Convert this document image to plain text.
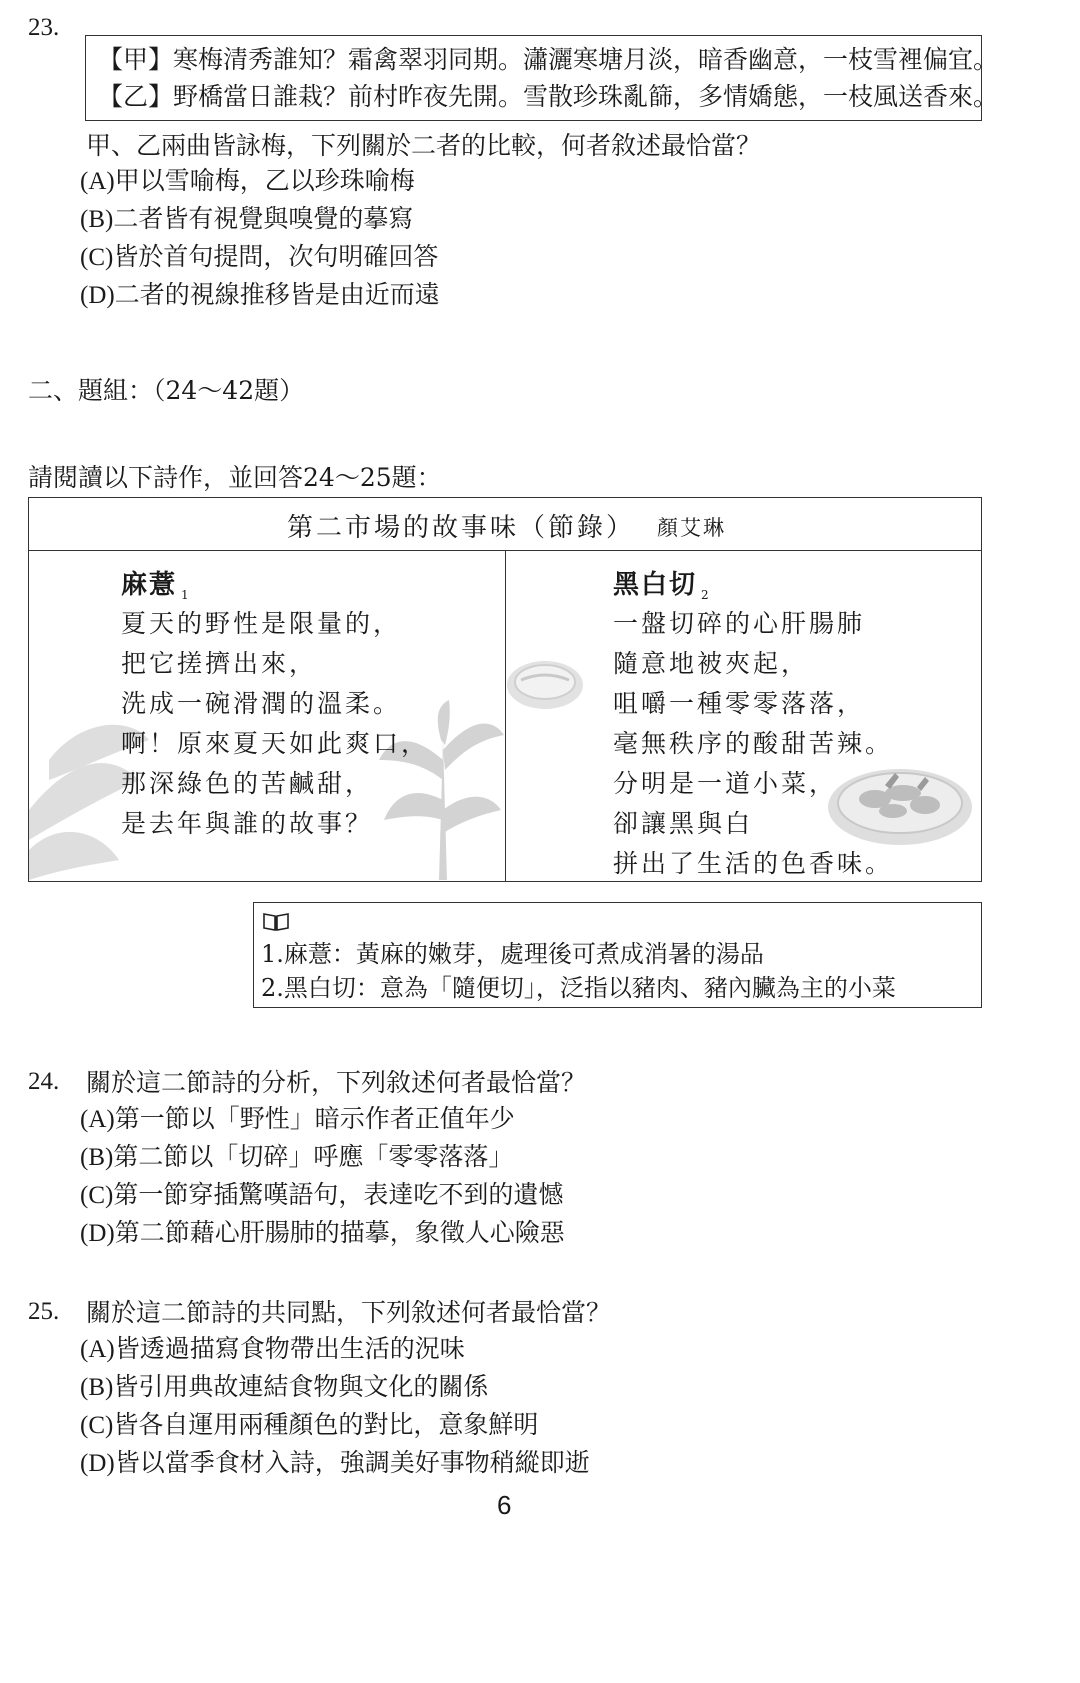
23.
【甲】寒梅清秀誰知？霜禽翠羽同期。瀟灑寒塘月淡，暗香幽意，一枝雪裡偏宜。
【乙】野橋當日誰栽？前村昨夜先開。雪散珍珠亂篩，多情嬌態，一枝風送香來。
甲、乙兩曲皆詠梅，下列關於二者的比較，何者敘述最恰當？
(A)甲以雪喻梅，乙以珍珠喻梅
(B)二者皆有視覺與嗅覺的摹寫
(C)皆於首句提問，次句明確回答
(D)二者的視線推移皆是由近而遠
二、題組：（24～42題）
請閱讀以下詩作，並回答24～25題：
第二市場的故事味（節錄） 顏艾琳
麻薏 $_1$
夏天的野性是限量的，
把它搓擠出來，
洗成一碗滑潤的溫柔。
啊！原來夏天如此爽口，
那深綠色的苦鹹甜，
是去年與誰的故事？
黑白切 $_2$
一盤切碎的心肝腸肺
隨意地被夾起，
咀嚼一種零零落落，
毫無秩序的酸甜苦辣。
分明是一道小菜，
卻讓黑與白
拼出了生活的色香味。
1.麻薏：黃麻的嫩芽，處理後可煮成消暑的湯品
2.黑白切：意為「隨便切」，泛指以豬肉、豬內臟為主的小菜
24. 關於這二節詩的分析，下列敘述何者最恰當？
(A)第一節以「野性」暗示作者正值年少
(B)第二節以「切碎」呼應「零零落落」
(C)第一節穿插驚嘆語句，表達吃不到的遺憾
(D)第二節藉心肝腸肺的描摹，象徵人心險惡
25. 關於這二節詩的共同點，下列敘述何者最恰當？
(A)皆透過描寫食物帶出生活的況味
(B)皆引用典故連結食物與文化的關係
(C)皆各自運用兩種顏色的對比，意象鮮明
(D)皆以當季食材入詩，強調美好事物稍縱即逝
6
